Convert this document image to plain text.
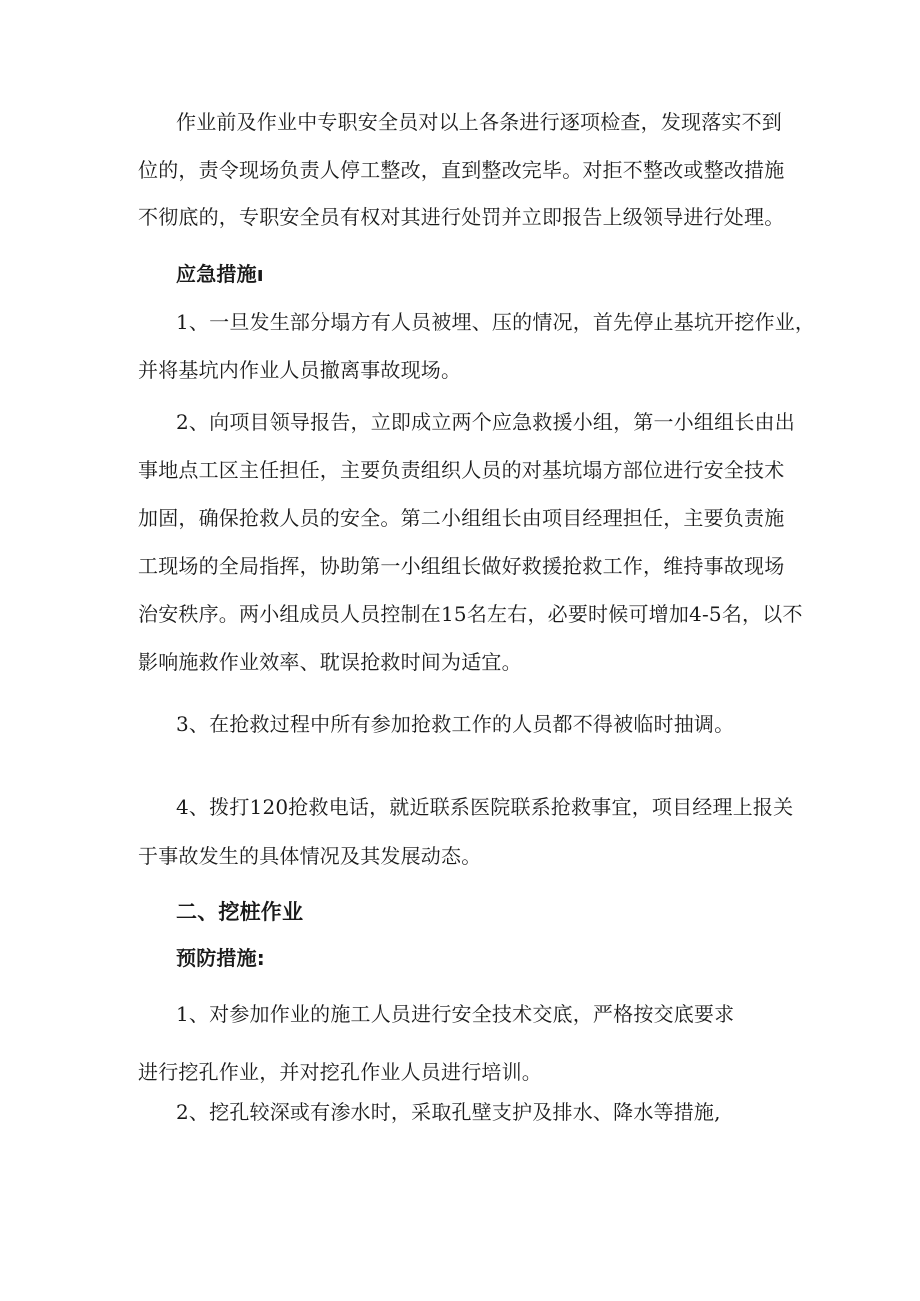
作业前及作业中专职安全员对以上各条进行逐项检查，发现落实不到
位的，责令现场负责人停工整改，直到整改完毕。对拒不整改或整改措施
不彻底的，专职安全员有权对其进行处罚并立即报告上级领导进行处理。
应急措施ı
1、一旦发生部分塌方有人员被埋、压的情况，首先停止基坑开挖作业，
并将基坑内作业人员撤离事故现场。
2、向项目领导报告，立即成立两个应急救援小组，第一小组组长由出
事地点工区主任担任，主要负责组织人员的对基坑塌方部位进行安全技术
加固，确保抢救人员的安全。第二小组组长由项目经理担任，主要负责施
工现场的全局指挥，协助第一小组组长做好救援抢救工作，维持事故现场
治安秩序。两小组成员人员控制在15名左右，必要时候可增加4-5名，以不
影响施救作业效率、耽误抢救时间为适宜。
3、在抢救过程中所有参加抢救工作的人员都不得被临时抽调。
4、拨打120抢救电话，就近联系医院联系抢救事宜，项目经理上报关
于事故发生的具体情况及其发展动态。
二、挖桩作业
预防措施:
1、对参加作业的施工人员进行安全技术交底，严格按交底要求
进行挖孔作业，并对挖孔作业人员进行培训。
2、挖孔较深或有渗水时，采取孔壁支护及排水、降水等措施,
